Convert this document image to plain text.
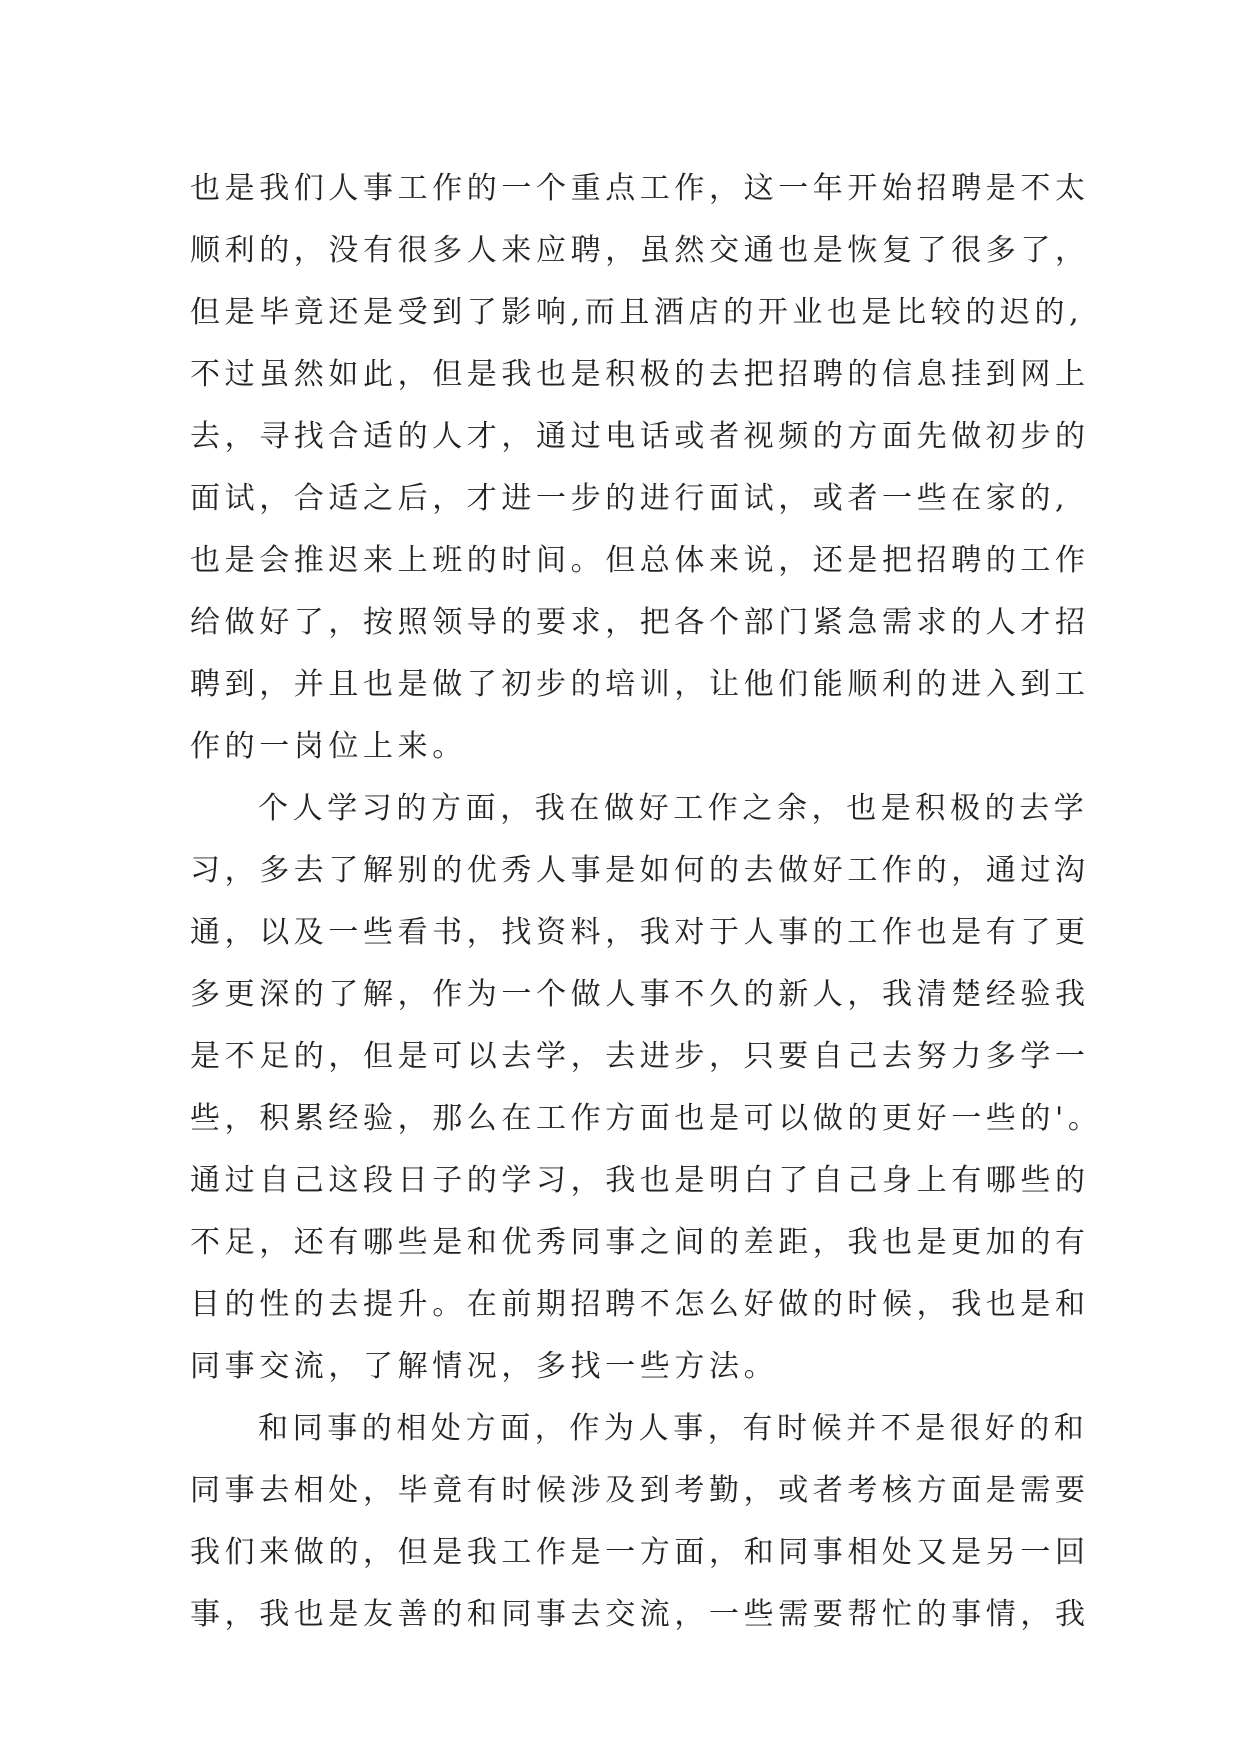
也是我们人事工作的一个重点工作，这一年开始招聘是不太
顺利的，没有很多人来应聘，虽然交通也是恢复了很多了，
但是毕竟还是受到了影响,而且酒店的开业也是比较的迟的,
不过虽然如此，但是我也是积极的去把招聘的信息挂到网上
去，寻找合适的人才，通过电话或者视频的方面先做初步的
面试，合适之后，才进一步的进行面试，或者一些在家的,
也是会推迟来上班的时间。但总体来说，还是把招聘的工作
给做好了，按照领导的要求，把各个部门紧急需求的人才招
聘到，并且也是做了初步的培训，让他们能顺利的进入到工
作的一岗位上来。
个人学习的方面，我在做好工作之余，也是积极的去学
习，多去了解别的优秀人事是如何的去做好工作的，通过沟
通，以及一些看书，找资料，我对于人事的工作也是有了更
多更深的了解，作为一个做人事不久的新人，我清楚经验我
是不足的，但是可以去学，去进步，只要自己去努力多学一
些，积累经验，那么在工作方面也是可以做的更好一些的'。
通过自己这段日子的学习，我也是明白了自己身上有哪些的
不足，还有哪些是和优秀同事之间的差距，我也是更加的有
目的性的去提升。在前期招聘不怎么好做的时候，我也是和
同事交流，了解情况，多找一些方法。
和同事的相处方面，作为人事，有时候并不是很好的和
同事去相处，毕竟有时候涉及到考勤，或者考核方面是需要
我们来做的，但是我工作是一方面，和同事相处又是另一回
事，我也是友善的和同事去交流，一些需要帮忙的事情，我
